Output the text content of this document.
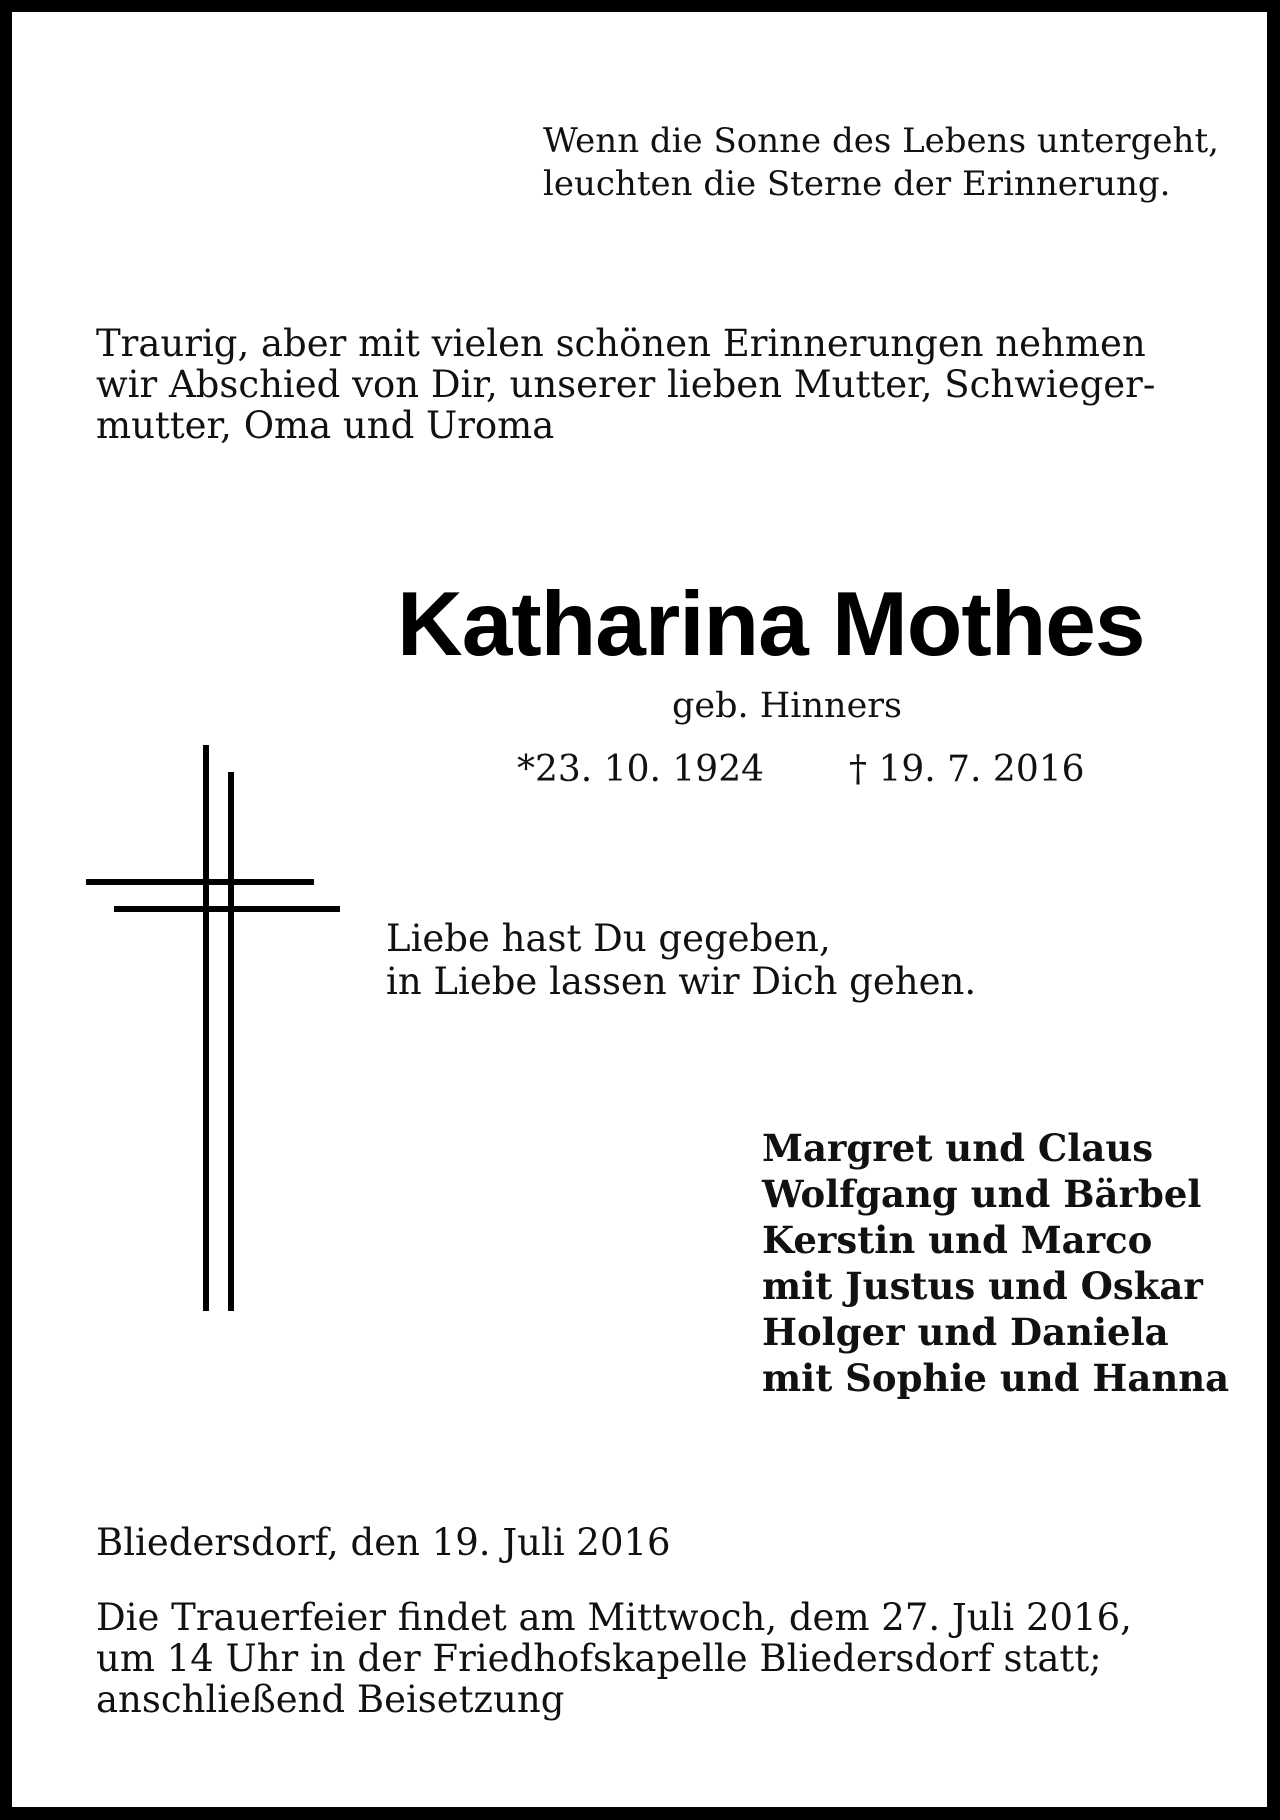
Wenn die Sonne des Lebens untergeht,
leuchten die Sterne der Erinnerung.
Traurig, aber mit vielen schönen Erinnerungen nehmen
wir Abschied von Dir, unserer lieben Mutter, Schwieger-
mutter, Oma und Uroma
Katharina Mothes
geb. Hinners
*23. 10. 1924 † 19. 7. 2016
Liebe hast Du gegeben,
in Liebe lassen wir Dich gehen.
Margret und Claus
Wolfgang und Bärbel
Kerstin und Marco
mit Justus und Oskar
Holger und Daniela
mit Sophie und Hanna
Bliedersdorf, den 19. Juli 2016
Die Trauerfeier findet am Mittwoch, dem 27. Juli 2016,
um 14 Uhr in der Friedhofskapelle Bliedersdorf statt;
anschließend Beisetzung
